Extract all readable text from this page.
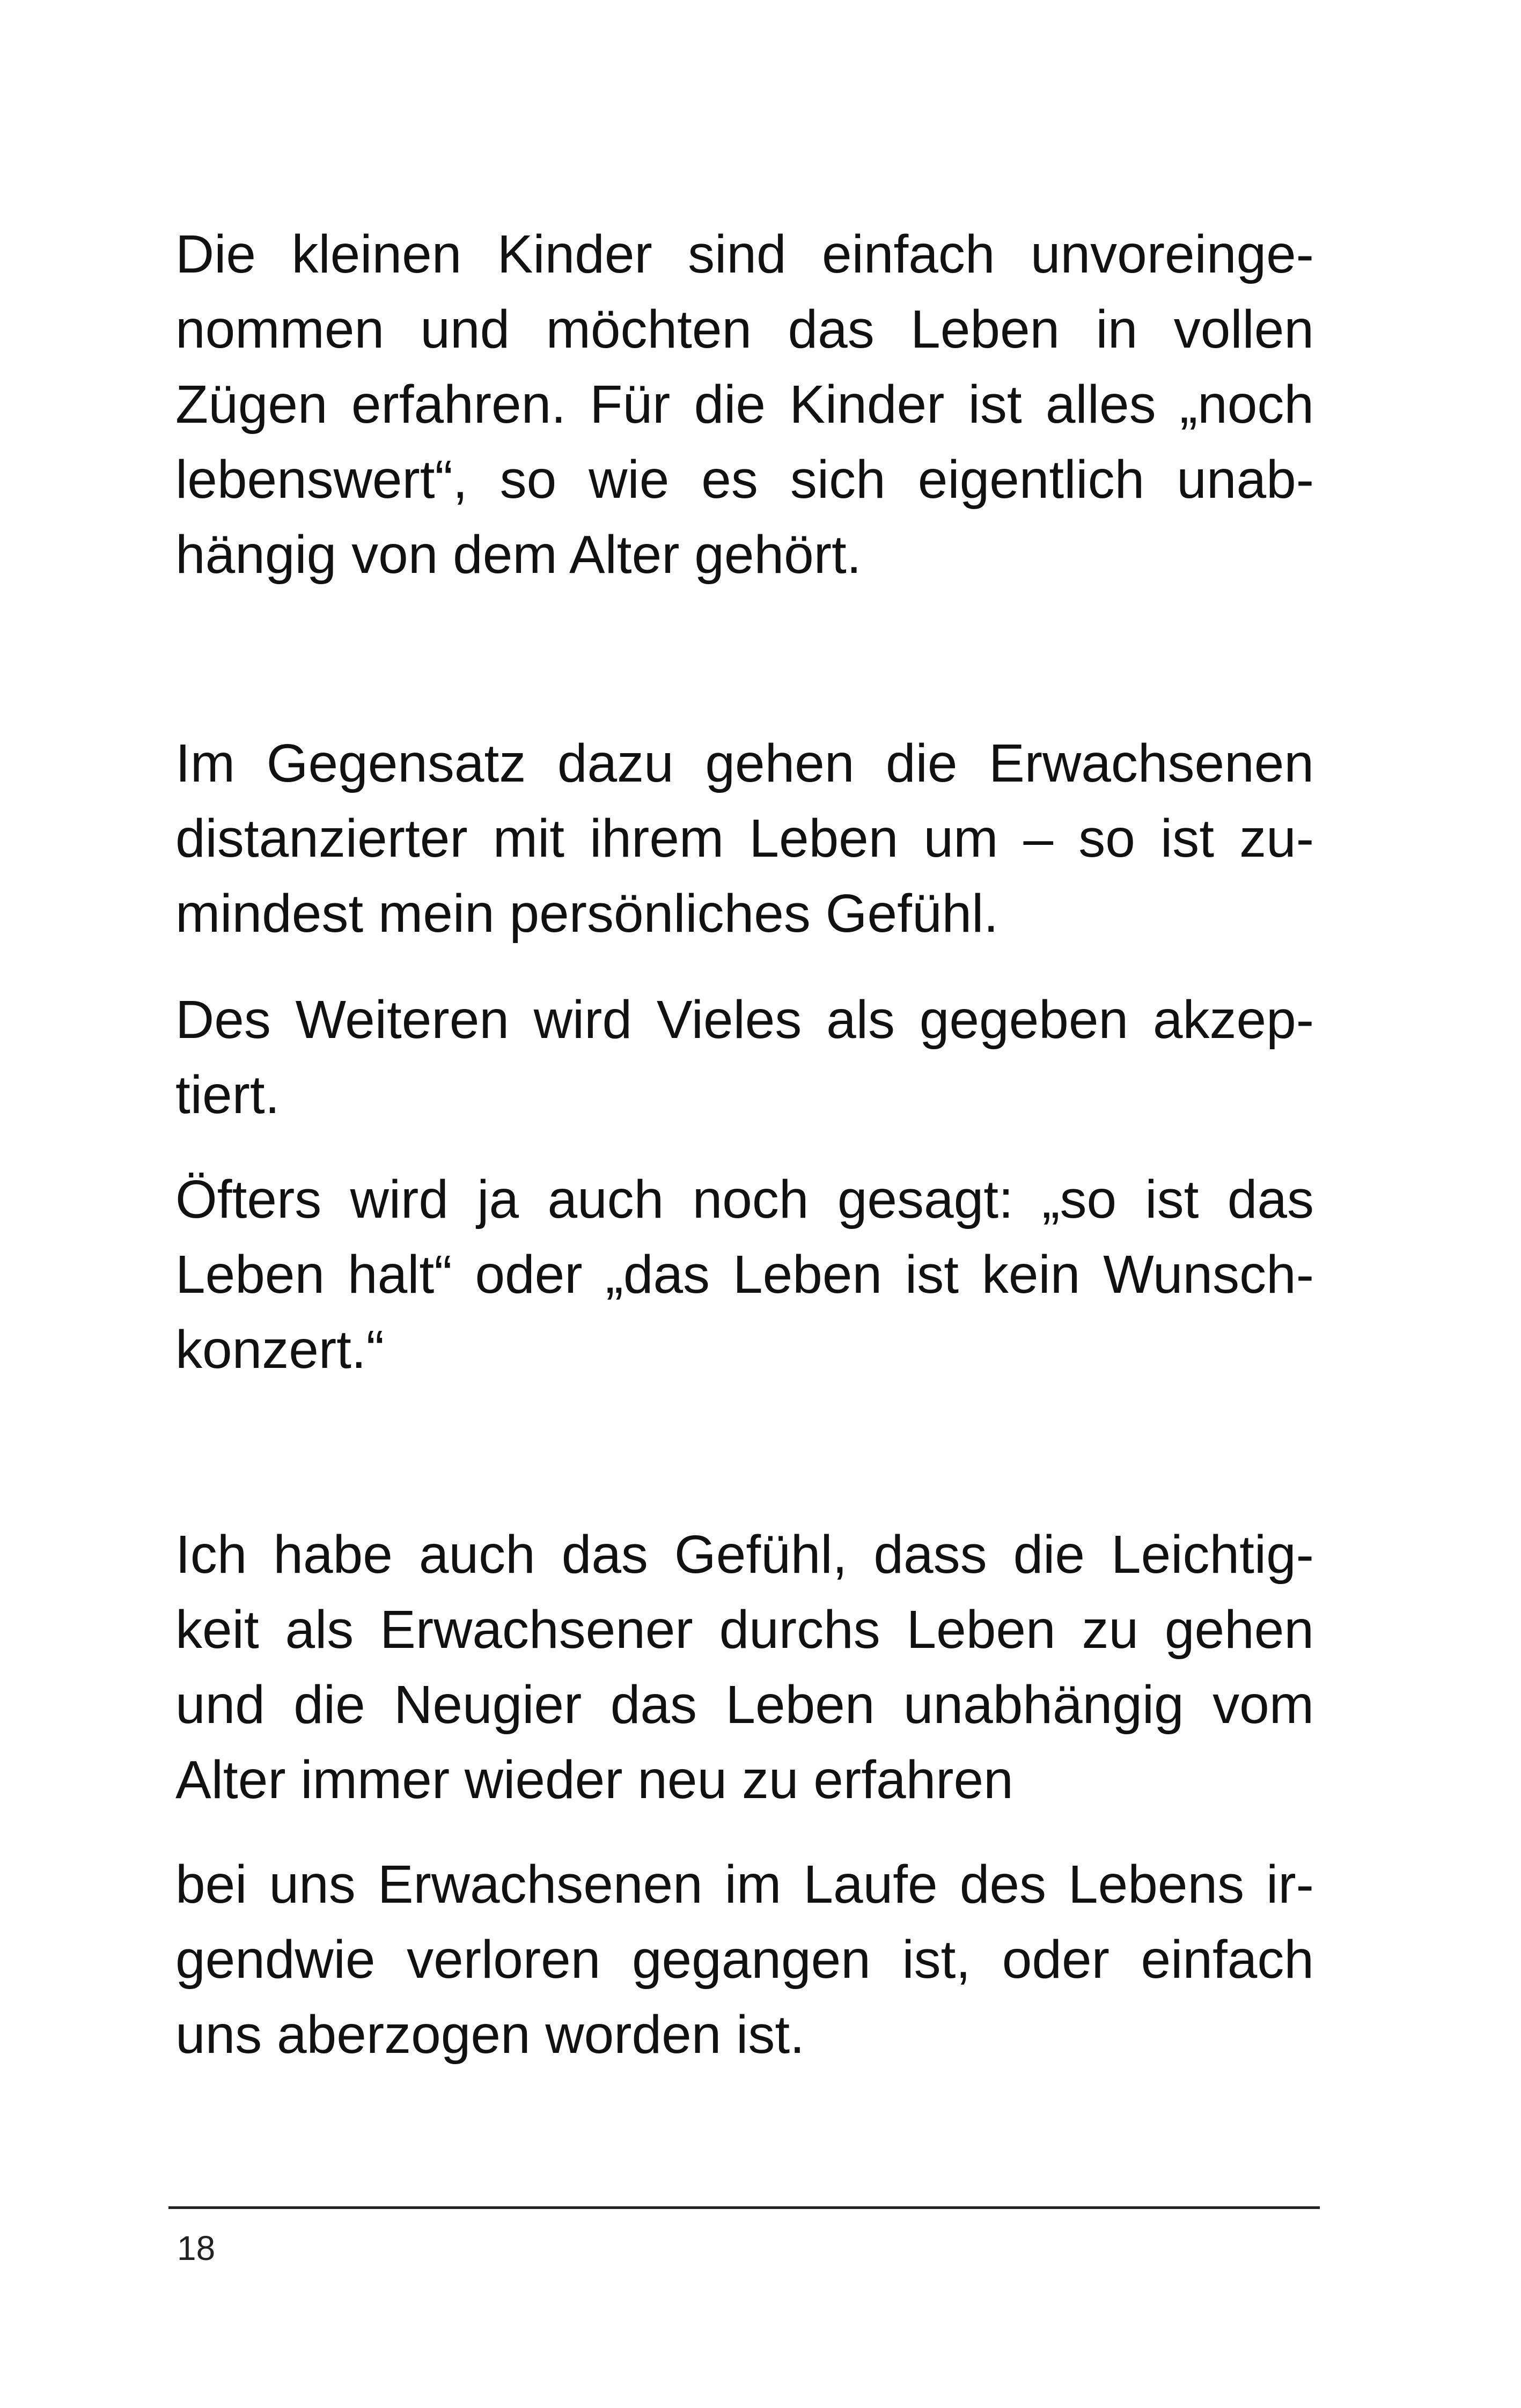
Die kleinen Kinder sind einfach unvoreinge-
nommen und möchten das Leben in vollen
Zügen erfahren. Für die Kinder ist alles „noch
lebenswert“, so wie es sich eigentlich unab-
hängig von dem Alter gehört.
Im Gegensatz dazu gehen die Erwachsenen
distanzierter mit ihrem Leben um – so ist zu-
mindest mein persönliches Gefühl.
Des Weiteren wird Vieles als gegeben akzep-
tiert.
Öfters wird ja auch noch gesagt: „so ist das
Leben halt“ oder „das Leben ist kein Wunsch-
konzert.“
Ich habe auch das Gefühl, dass die Leichtig-
keit als Erwachsener durchs Leben zu gehen
und die Neugier das Leben unabhängig vom
Alter immer wieder neu zu erfahren
bei uns Erwachsenen im Laufe des Lebens ir-
gendwie verloren gegangen ist, oder einfach
uns aberzogen worden ist.
18
